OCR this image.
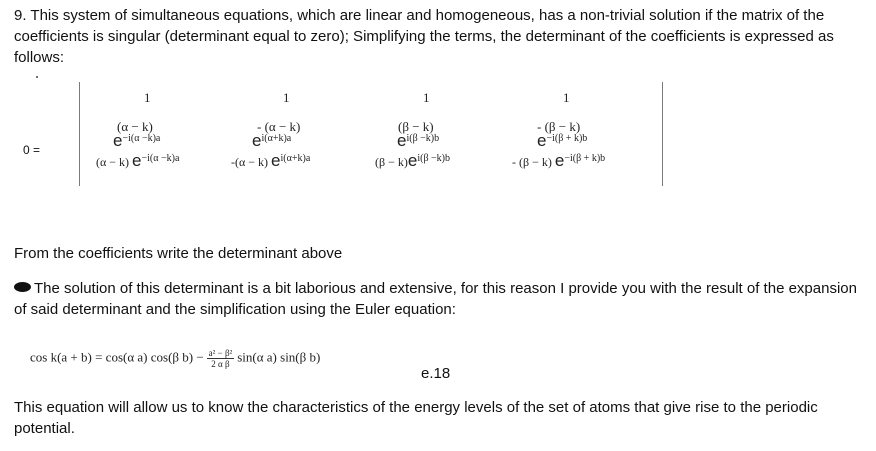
9. This system of simultaneous equations, which are linear and homogeneous, has a non-trivial solution if the matrix of the coefficients is singular (determinant equal to zero); Simplifying the terms, the determinant of the coefficients is expressed as follows:

0 =
1	1	1	1
(α − k)	- (α − k)	(β − k)	- (β − k)
$e^{-i(\alpha -k)a}$	$e^{i(\alpha+k)a}$	$e^{i(\beta -k)b}$	$e^{-i(\beta + k)b}$
(α − k) $e^{-i(\alpha -k)a}$	-(α − k) $e^{i(\alpha+k)a}$	$(\beta - k)e^{i(\beta -k)b}$	- (β − k) $e^{-i(\beta + k)b}$

From the coefficients write the determinant above

The solution of this determinant is a bit laborious and extensive, for this reason I provide you with the result of the expansion of said determinant and the simplification using the Euler equation:

cos k(a + b) = cos(α a) cos(β $b) - \frac{\text{a² − β²}}{\text{2 α β}} \sin(\alpha$ a) sin(β b)
e.18

This equation will allow us to know the characteristics of the energy levels of the set of atoms that give rise to the periodic potential.
